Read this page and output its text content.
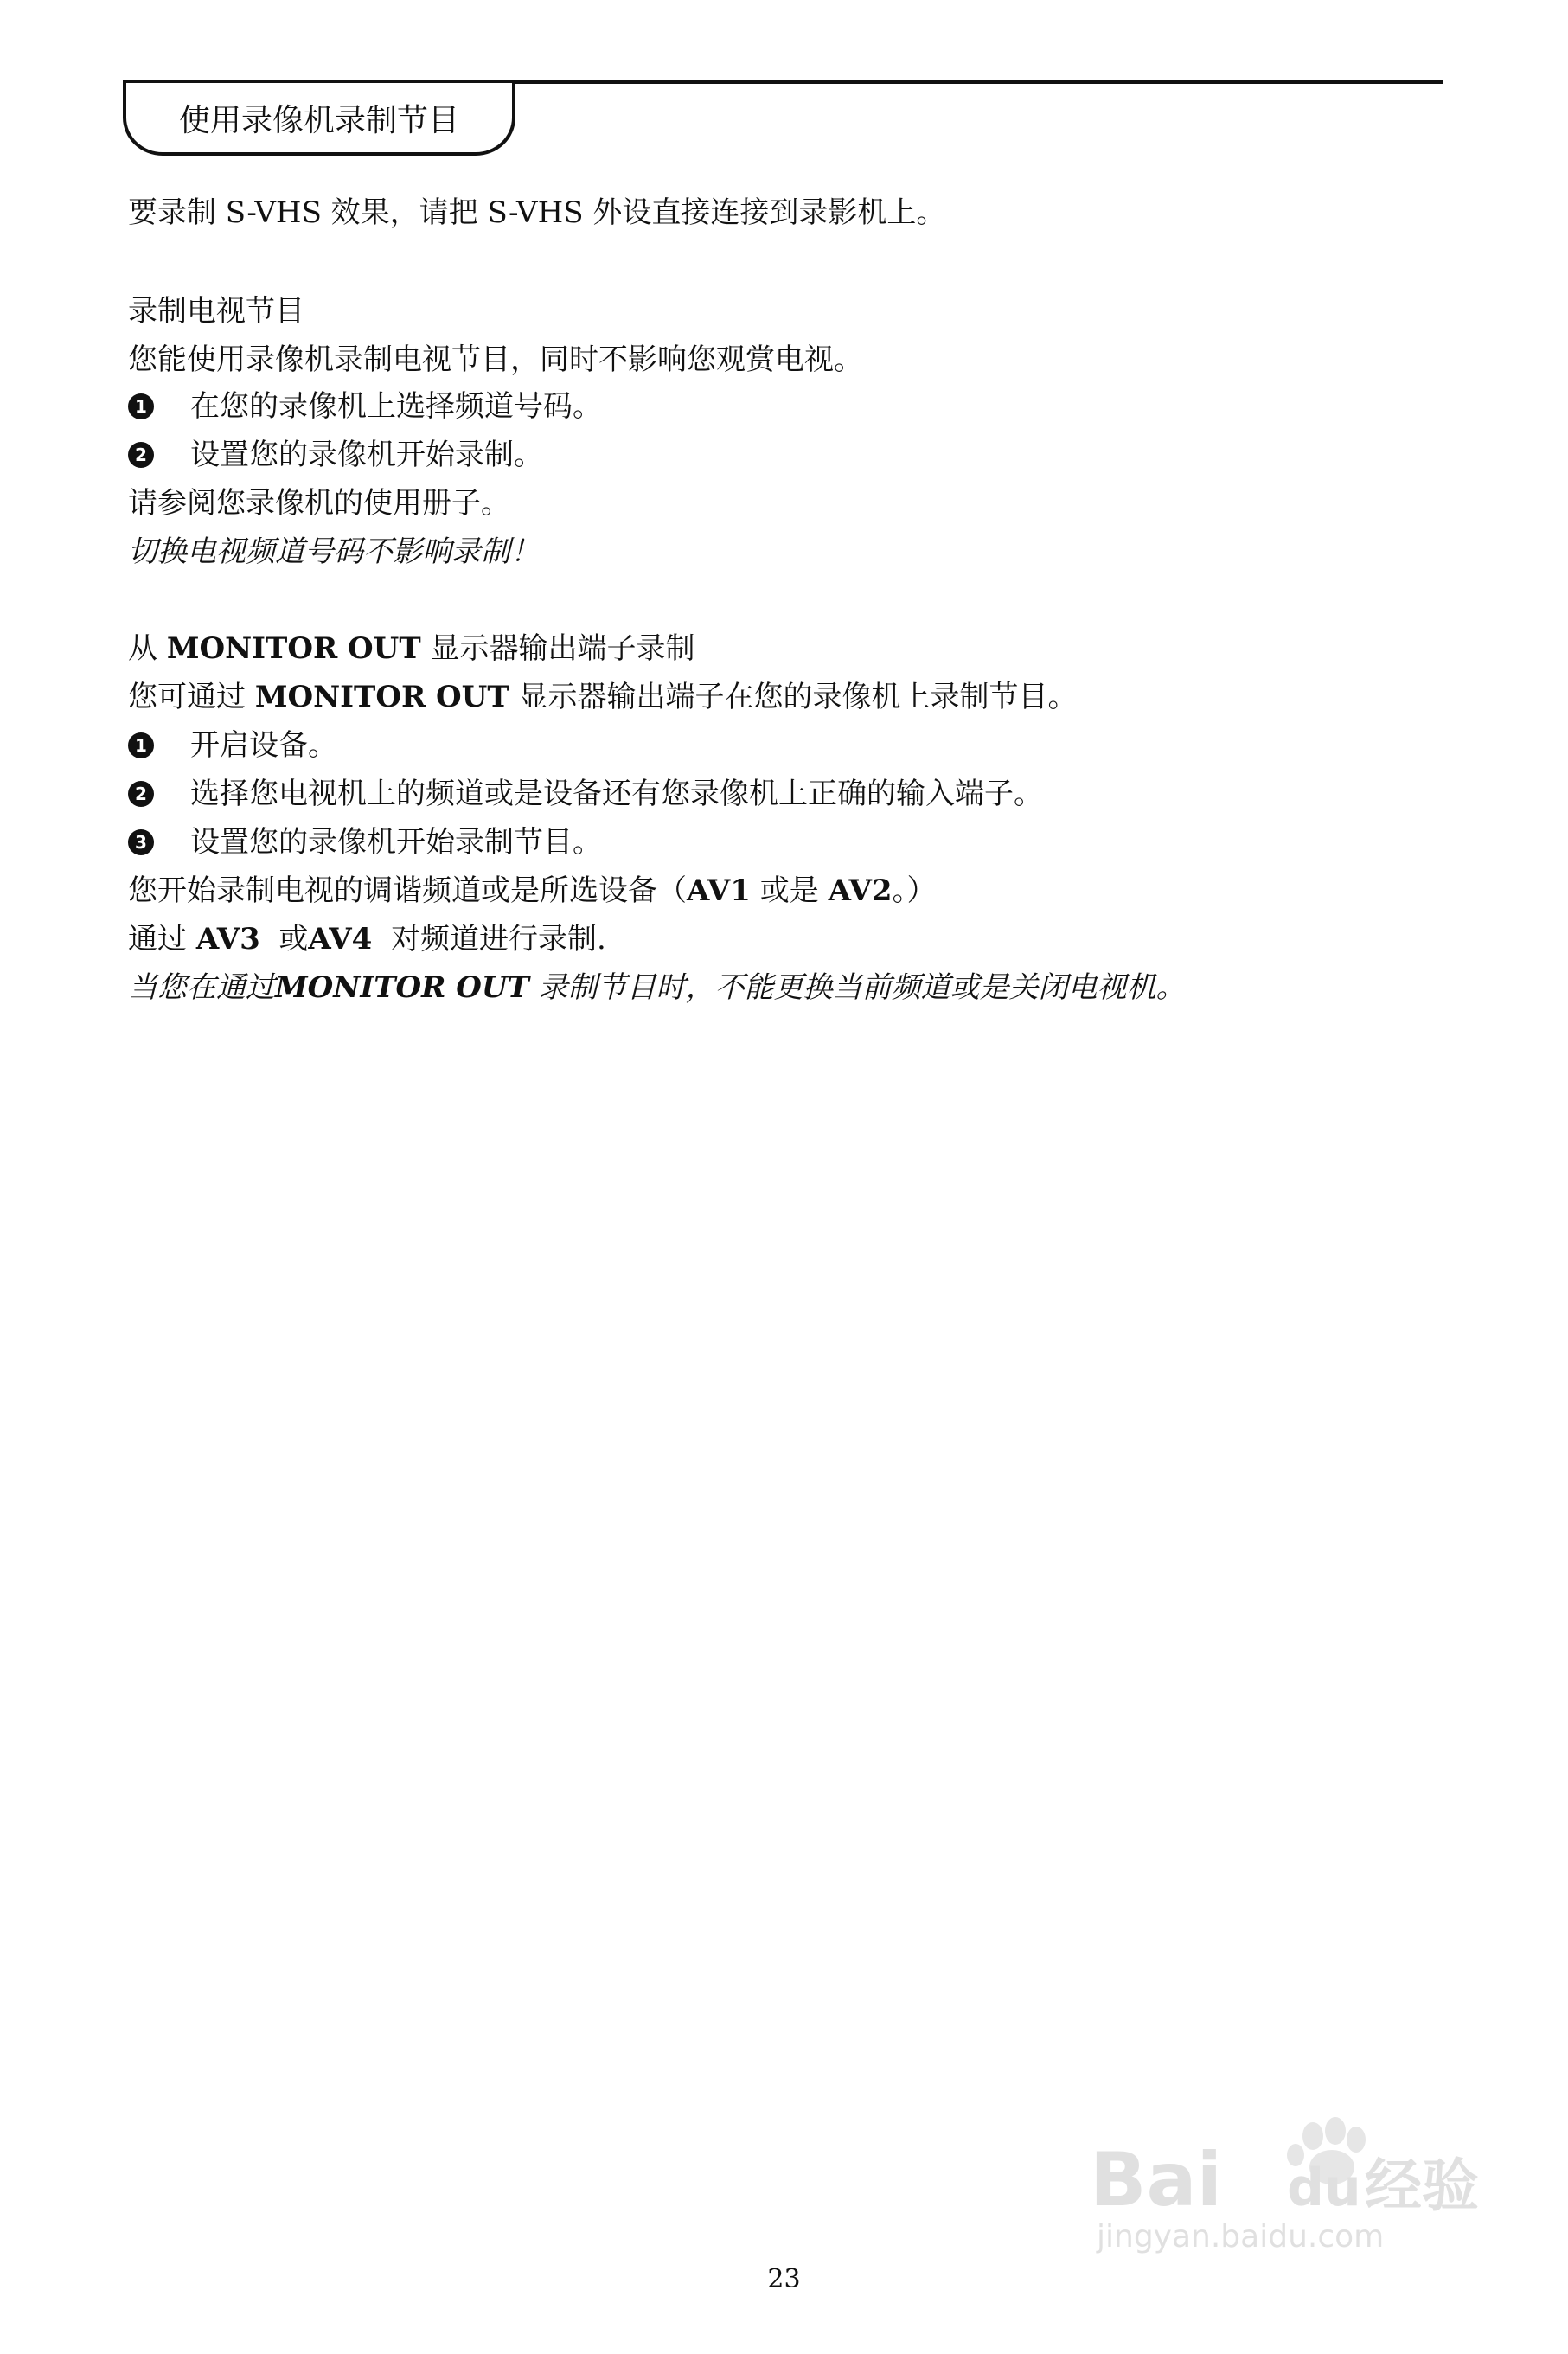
使用录像机录制节目
要录制 S-VHS 效果，请把 S-VHS 外设直接连接到录影机上。
录制电视节目
您能使用录像机录制电视节目，同时不影响您观赏电视。
1 在您的录像机上选择频道号码。
2 设置您的录像机开始录制。
请参阅您录像机的使用册子。
切换电视频道号码不影响录制！
从 MONITOR OUT 显示器输出端子录制
您可通过 MONITOR OUT 显示器输出端子在您的录像机上录制节目。
1 开启设备。
2 选择您电视机上的频道或是设备还有您录像机上正确的输入端子。
3 设置您的录像机开始录制节目。
您开始录制电视的调谐频道或是所选设备（AV1 或是 AV2。）
通过 AV3  或AV4  对频道进行录制.
当您在通过MONITOR OUT 录制节目时，不能更换当前频道或是关闭电视机。
23
Bai du 经验
jingyan.baidu.com
